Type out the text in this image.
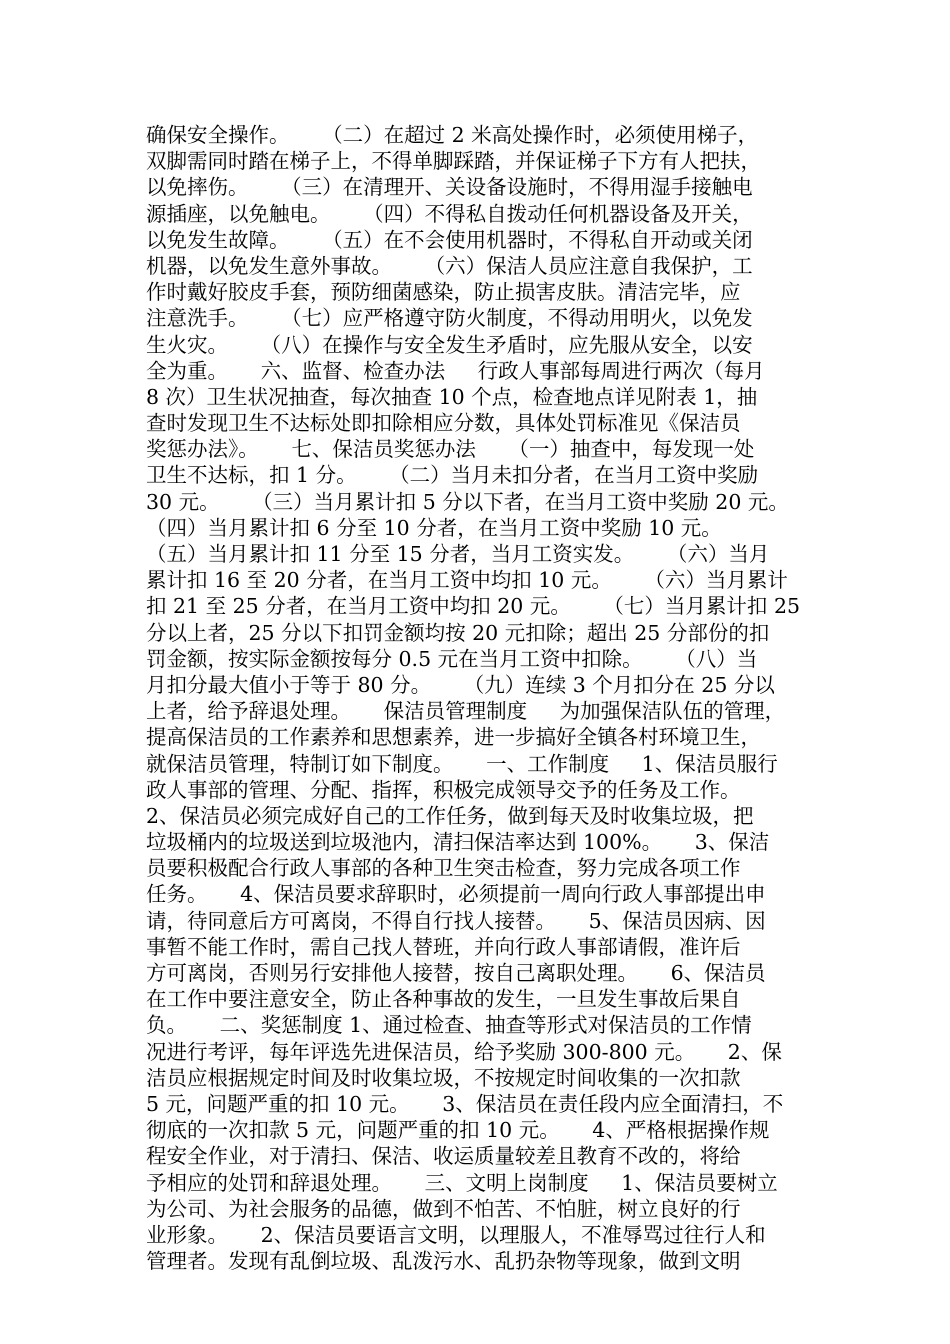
确保安全操作。     （二）在超过 2 米高处操作时，必须使用梯子，
双脚需同时踏在梯子上，不得单脚踩踏，并保证梯子下方有人把扶，
以免摔伤。     （三）在清理开、关设备设施时，不得用湿手接触电
源插座，以免触电。     （四）不得私自拨动任何机器设备及开关，
以免发生故障。     （五）在不会使用机器时，不得私自开动或关闭
机器，以免发生意外事故。     （六）保洁人员应注意自我保护，工
作时戴好胶皮手套，预防细菌感染，防止损害皮肤。清洁完毕，应
注意洗手。     （七）应严格遵守防火制度，不得动用明火，以免发
生火灾。     （八）在操作与安全发生矛盾时，应先服从安全，以安
全为重。     六、监督、检查办法     行政人事部每周进行两次（每月
8 次）卫生状况抽查，每次抽查 10 个点，检查地点详见附表 1，抽
查时发现卫生不达标处即扣除相应分数，具体处罚标准见《保洁员
奖惩办法》。     七、保洁员奖惩办法     （一）抽查中，每发现一处
卫生不达标，扣 1 分。     （二）当月未扣分者，在当月工资中奖励
30 元。     （三）当月累计扣 5 分以下者，在当月工资中奖励 20 元。
（四）当月累计扣 6 分至 10 分者，在当月工资中奖励 10 元。
（五）当月累计扣 11 分至 15 分者，当月工资实发。     （六）当月
累计扣 16 至 20 分者，在当月工资中均扣 10 元。     （六）当月累计
扣 21 至 25 分者，在当月工资中均扣 20 元。     （七）当月累计扣 25
分以上者，25 分以下扣罚金额均按 20 元扣除；超出 25 分部份的扣
罚金额，按实际金额按每分 0.5 元在当月工资中扣除。     （八）当
月扣分最大值小于等于 80 分。     （九）连续 3 个月扣分在 25 分以
上者，给予辞退处理。     保洁员管理制度     为加强保洁队伍的管理，
提高保洁员的工作素养和思想素养，进一步搞好全镇各村环境卫生，
就保洁员管理，特制订如下制度。     一、工作制度     1、保洁员服行
政人事部的管理、分配、指挥，积极完成领导交予的任务及工作。
2、保洁员必须完成好自己的工作任务，做到每天及时收集垃圾，把
垃圾桶内的垃圾送到垃圾池内，清扫保洁率达到 100%。     3、保洁
员要积极配合行政人事部的各种卫生突击检查，努力完成各项工作
任务。     4、保洁员要求辞职时，必须提前一周向行政人事部提出申
请，待同意后方可离岗，不得自行找人接替。     5、保洁员因病、因
事暂不能工作时，需自己找人替班，并向行政人事部请假，准许后
方可离岗，否则另行安排他人接替，按自己离职处理。     6、保洁员
在工作中要注意安全，防止各种事故的发生，一旦发生事故后果自
负。     二、奖惩制度 1、通过检查、抽查等形式对保洁员的工作情
况进行考评，每年评选先进保洁员，给予奖励 300-800 元。     2、保
洁员应根据规定时间及时收集垃圾，不按规定时间收集的一次扣款
5 元，问题严重的扣 10 元。     3、保洁员在责任段内应全面清扫，不
彻底的一次扣款 5 元，问题严重的扣 10 元。     4、严格根据操作规
程安全作业，对于清扫、保洁、收运质量较差且教育不改的，将给
予相应的处罚和辞退处理。     三、文明上岗制度     1、保洁员要树立
为公司、为社会服务的品德，做到不怕苦、不怕脏，树立良好的行
业形象。     2、保洁员要语言文明，以理服人，不准辱骂过往行人和
管理者。发现有乱倒垃圾、乱泼污水、乱扔杂物等现象，做到文明
